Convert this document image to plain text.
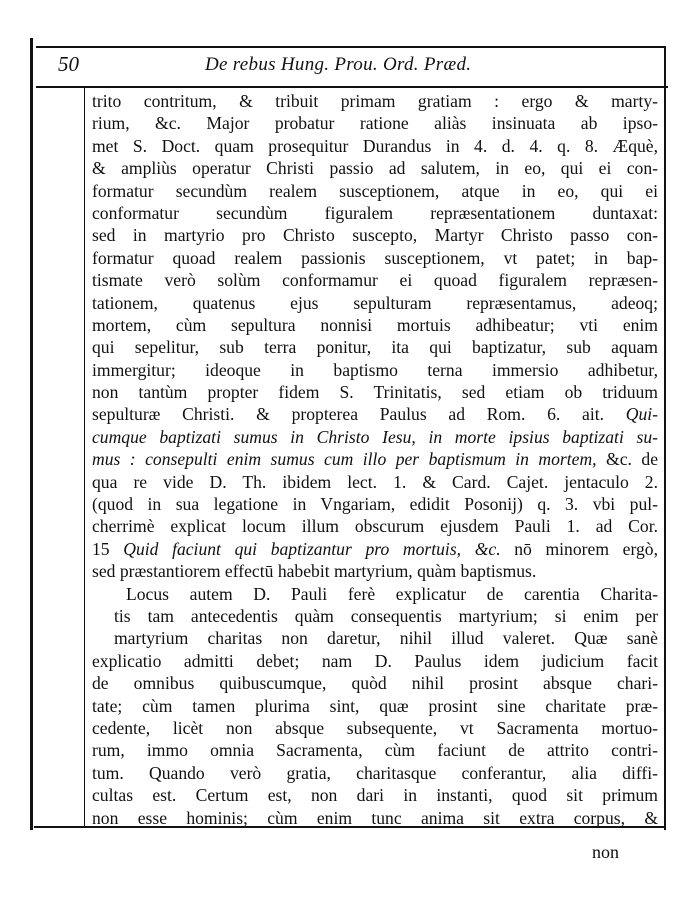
50	De rebus Hung. Prou. Ord. Præd.
trito contritum, & tribuit primam gratiam : ergo & marty-
rium, &c. Major probatur ratione aliàs insinuata ab ipso-
met S. Doct. quam prosequitur Durandus in 4. d. 4. q. 8. Æquè,
& ampliùs operatur Christi passio ad salutem, in eo, qui ei con-
formatur secundùm realem susceptionem, atque in eo, qui ei
conformatur secundùm figuralem repræsentationem duntaxat:
sed in martyrio pro Christo suscepto, Martyr Christo passo con-
formatur quoad realem passionis susceptionem, vt patet; in bap-
tismate verò solùm conformamur ei quoad figuralem repræsen-
tationem, quatenus ejus sepulturam repræsentamus, adeoq;
mortem, cùm sepultura nonnisi mortuis adhibeatur; vti enim
qui sepelitur, sub terra ponitur, ita qui baptizatur, sub aquam
immergitur; ideoque in baptismo terna immersio adhibetur,
non tantùm propter fidem S. Trinitatis, sed etiam ob triduum
sepulturæ Christi. & propterea Paulus ad Rom. 6. ait. Qui-
cumque baptizati sumus in Christo Iesu, in morte ipsius baptizati su-
mus : consepulti enim sumus cum illo per baptismum in mortem, &c. de
qua re vide D. Th. ibidem lect. 1. & Card. Cajet. jentaculo 2.
(quod in sua legatione in Vngariam, edidit Posonij) q. 3. vbi pul-
cherrimè explicat locum illum obscurum ejusdem Pauli 1. ad Cor.
15 Quid faciunt qui baptizantur pro mortuis, &c. nō minorem ergò,
sed præstantiorem effectū habebit martyrium, quàm baptismus.
Locus autem D. Pauli ferè explicatur de carentia Charita-
tis tam antecedentis quàm consequentis martyrium; si enim per
martyrium charitas non daretur, nihil illud valeret. Quæ sanè
explicatio admitti debet; nam D. Paulus idem judicium facit
de omnibus quibuscumque, quòd nihil prosint absque chari-
tate; cùm tamen plurima sint, quæ prosint sine charitate præ-
cedente, licèt non absque subsequente, vt Sacramenta mortuo-
rum, immo omnia Sacramenta, cùm faciunt de attrito contri-
tum. Quando verò gratia, charitasque conferantur, alia diffi-
cultas est. Certum est, non dari in instanti, quod sit primum
non esse hominis; cùm enim tunc anima sit extra corpus, &
non
